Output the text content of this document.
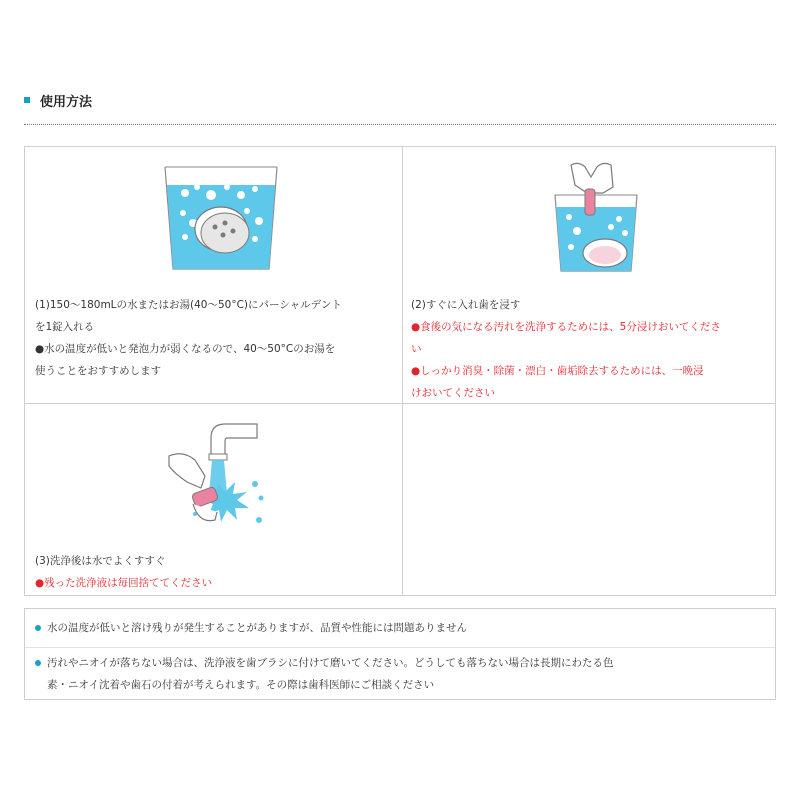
使用方法
(1)150～180mLの水またはお湯(40～50°C)にパーシャルデント
を1錠入れる
●水の温度が低いと発泡力が弱くなるので、40～50°Cのお湯を
使うことをおすすめします
(2)すぐに入れ歯を浸す
●食後の気になる汚れを洗浄するためには、5分浸けおいてくださ
い
●しっかり消臭・除菌・漂白・歯垢除去するためには、一晩浸
けおいてください
(3)洗浄後は水でよくすすぐ
●残った洗浄液は毎回捨ててください
水の温度が低いと溶け残りが発生することがありますが、品質や性能には問題ありません
汚れやニオイが落ちない場合は、洗浄液を歯ブラシに付けて磨いてください。どうしても落ちない場合は長期にわたる色
素・ニオイ沈着や歯石の付着が考えられます。その際は歯科医師にご相談ください
